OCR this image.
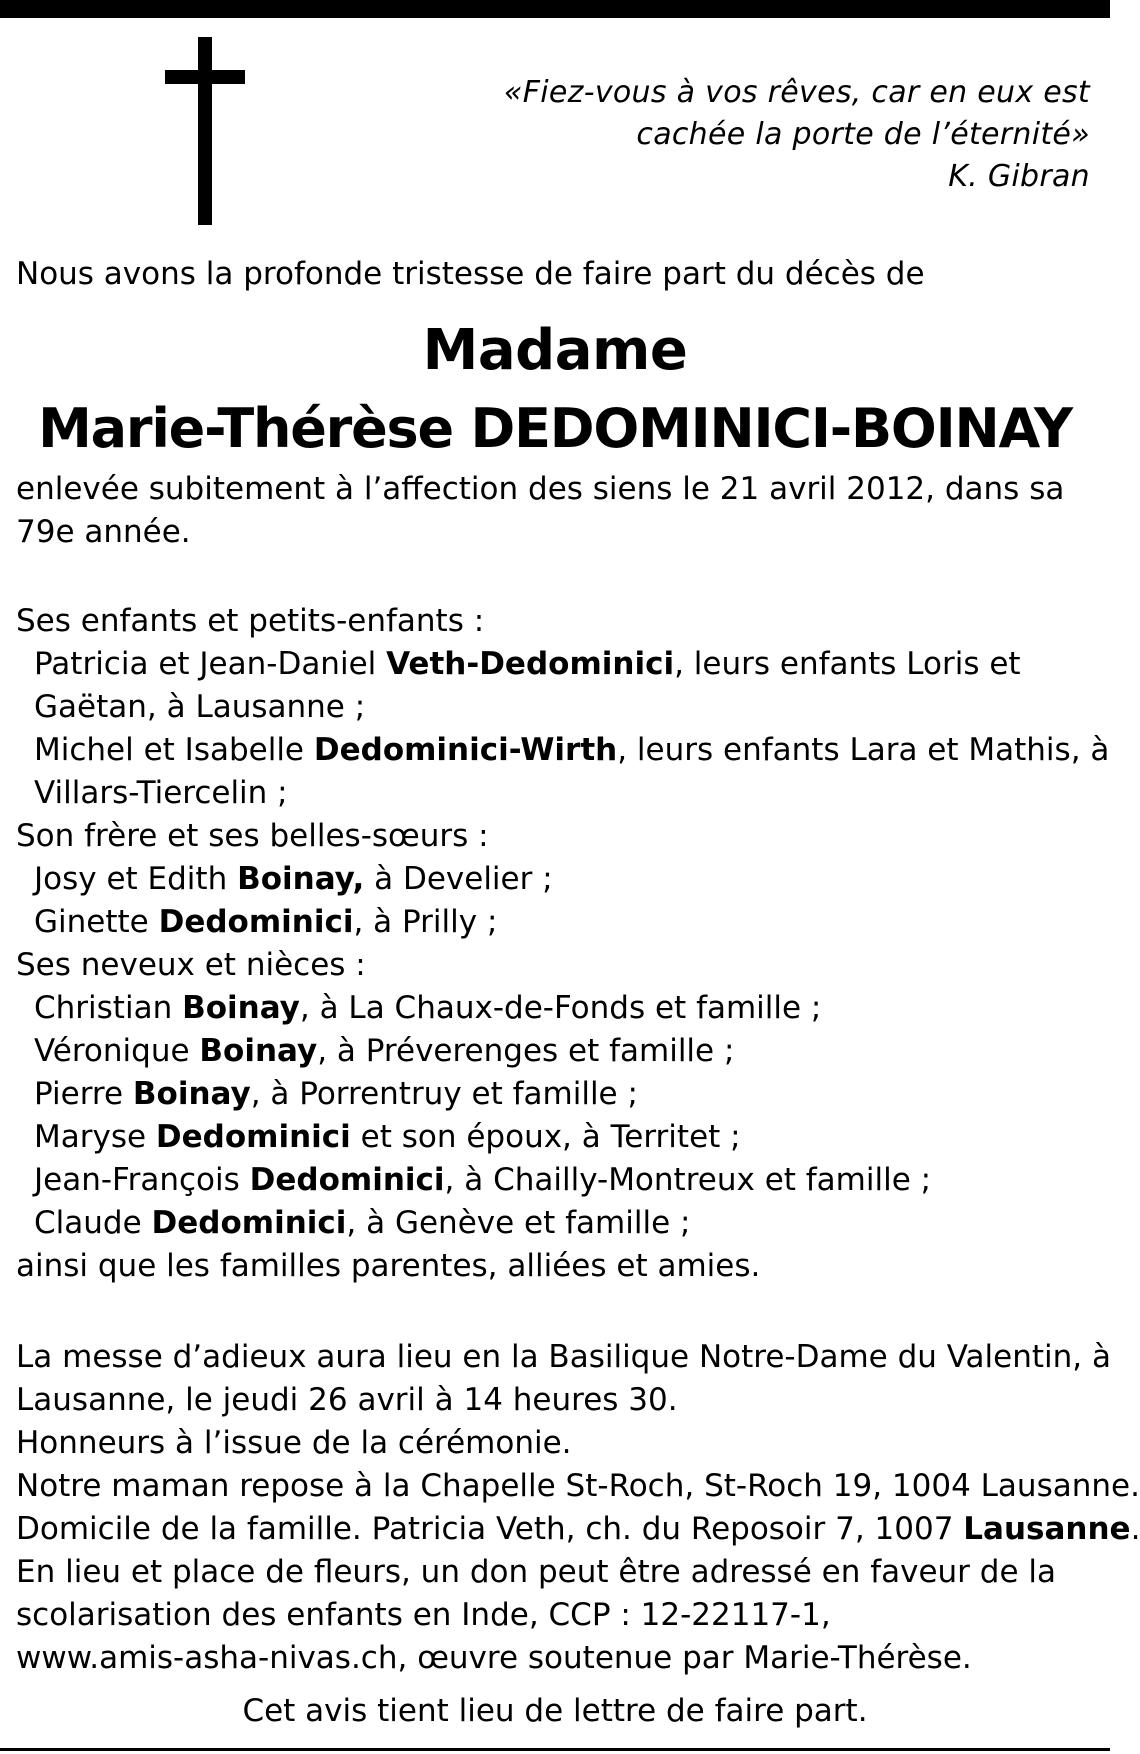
«Fiez-vous à vos rêves, car en eux est
cachée la porte de l’éternité»
K. Gibran
Nous avons la profonde tristesse de faire part du décès de
Madame
Marie-Thérèse DEDOMINICI-BOINAY
enlevée subitement à l’affection des siens le 21 avril 2012, dans sa
79e année.
Ses enfants et petits-enfants :
Patricia et Jean-Daniel Veth-Dedominici, leurs enfants Loris et
Gaëtan, à Lausanne ;
Michel et Isabelle Dedominici-Wirth, leurs enfants Lara et Mathis, à
Villars-Tiercelin ;
Son frère et ses belles-sœurs :
Josy et Edith Boinay, à Develier ;
Ginette Dedominici, à Prilly ;
Ses neveux et nièces :
Christian Boinay, à La Chaux-de-Fonds et famille ;
Véronique Boinay, à Préverenges et famille ;
Pierre Boinay, à Porrentruy et famille ;
Maryse Dedominici et son époux, à Territet ;
Jean-François Dedominici, à Chailly-Montreux et famille ;
Claude Dedominici, à Genève et famille ;
ainsi que les familles parentes, alliées et amies.
La messe d’adieux aura lieu en la Basilique Notre-Dame du Valentin, à
Lausanne, le jeudi 26 avril à 14 heures 30.
Honneurs à l’issue de la cérémonie.
Notre maman repose à la Chapelle St-Roch, St-Roch 19, 1004 Lausanne.
Domicile de la famille. Patricia Veth, ch. du Reposoir 7, 1007 Lausanne.
En lieu et place de fleurs, un don peut être adressé en faveur de la
scolarisation des enfants en Inde, CCP : 12-22117-1,
www.amis-asha-nivas.ch, œuvre soutenue par Marie-Thérèse.
Cet avis tient lieu de lettre de faire part.
